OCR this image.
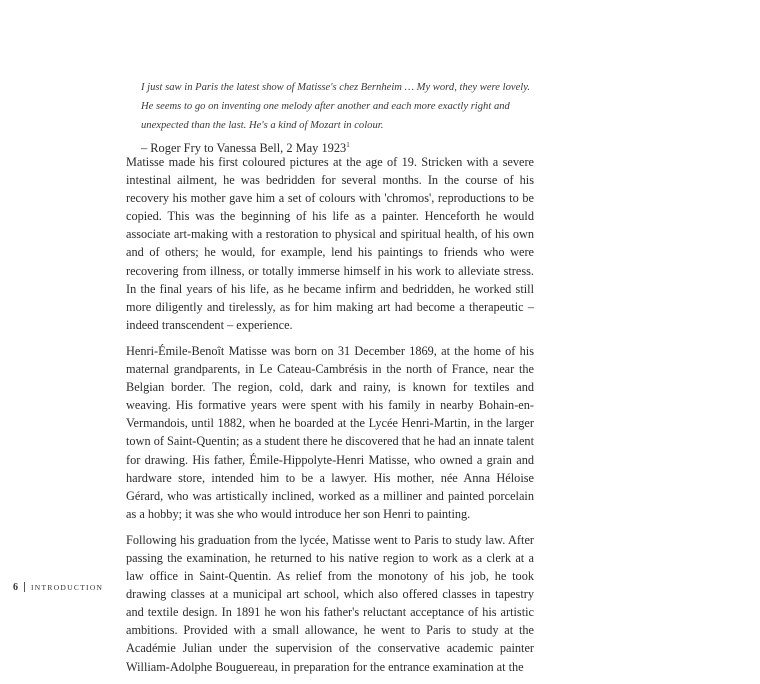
I just saw in Paris the latest show of Matisse's chez Bernheim … My word, they were lovely. He seems to go on inventing one melody after another and each more exactly right and unexpected than the last. He's a kind of Mozart in colour.
– Roger Fry to Vanessa Bell, 2 May 1923$^1$

Matisse made his first coloured pictures at the age of 19. Stricken with a severe intestinal ailment, he was bedridden for several months. In the course of his recovery his mother gave him a set of colours with 'chromos', reproductions to be copied. This was the beginning of his life as a painter. Henceforth he would associate art-making with a restoration to physical and spiritual health, of his own and of others; he would, for example, lend his paintings to friends who were recovering from illness, or totally immerse himself in his work to alleviate stress. In the final years of his life, as he became infirm and bedridden, he worked still more diligently and tirelessly, as for him making art had become a therapeutic – indeed transcendent – experience.

Henri-Émile-Benoît Matisse was born on 31 December 1869, at the home of his maternal grandparents, in Le Cateau-Cambrésis in the north of France, near the Belgian border. The region, cold, dark and rainy, is known for textiles and weaving. His formative years were spent with his family in nearby Bohain-en-Vermandois, until 1882, when he boarded at the Lycée Henri-Martin, in the larger town of Saint-Quentin; as a student there he discovered that he had an innate talent for drawing. His father, Émile-Hippolyte-Henri Matisse, who owned a grain and hardware store, intended him to be a lawyer. His mother, née Anna Héloise Gérard, who was artistically inclined, worked as a milliner and painted porcelain as a hobby; it was she who would introduce her son Henri to painting.

Following his graduation from the lycée, Matisse went to Paris to study law. After passing the examination, he returned to his native region to work as a clerk at a law office in Saint-Quentin. As relief from the monotony of his job, he took drawing classes at a municipal art school, which also offered classes in tapestry and textile design. In 1891 he won his father's reluctant acceptance of his artistic ambitions. Provided with a small allowance, he went to Paris to study at the Académie Julian under the supervision of the conservative academic painter William-Adolphe Bouguereau, in preparation for the entrance examination at the

6 INTRODUCTION
